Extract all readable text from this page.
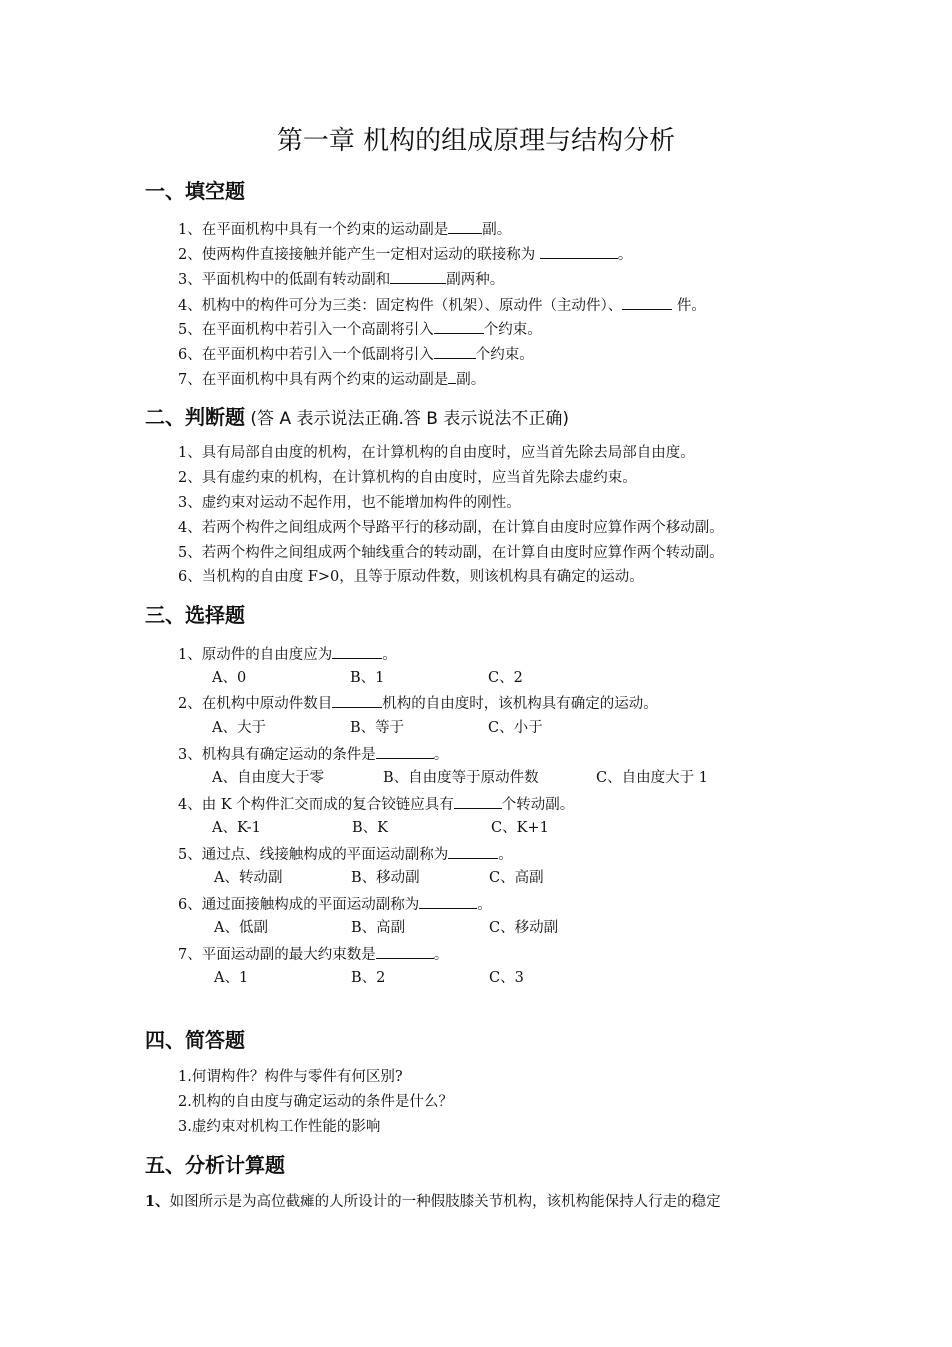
第一章 机构的组成原理与结构分析
一、填空题
1、在平面机构中具有一个约束的运动副是 副。
2、使两构件直接接触并能产生一定相对运动的联接称为	。
3、平面机构中的低副有转动副和	副两种。
4、机构中的构件可分为三类：固定构件（机架）、原动件（主动件）、	件。
5、在平面机构中若引入一个高副将引入	个约束。
6、在平面机构中若引入一个低副将引入	个约束。
7、在平面机构中具有两个约束的运动副是 副。
二、判断题 (答 A 表示说法正确.答 B 表示说法不正确)
1、具有局部自由度的机构，在计算机构的自由度时，应当首先除去局部自由度。
2、具有虚约束的机构，在计算机构的自由度时，应当首先除去虚约束。
3、虚约束对运动不起作用，也不能增加构件的刚性。
4、若两个构件之间组成两个导路平行的移动副，在计算自由度时应算作两个移动副。
5、若两个构件之间组成两个轴线重合的转动副，在计算自由度时应算作两个转动副。
6、当机构的自由度 F>0，且等于原动件数，则该机构具有确定的运动。
三、选择题
1、原动件的自由度应为	。
A、0	B、1	C、2
2、在机构中原动件数目	机构的自由度时，该机构具有确定的运动。
A、大于	B、等于	C、小于
3、机构具有确定运动的条件是	。
A、自由度大于零	B、自由度等于原动件数	C、自由度大于 1
4、由 K 个构件汇交而成的复合铰链应具有	个转动副。
A、K-1	B、K	C、K+1
5、通过点、线接触构成的平面运动副称为	。
A、转动副	B、移动副	C、高副
6、通过面接触构成的平面运动副称为	。
A、低副	B、高副	C、移动副
7、平面运动副的最大约束数是	。
A、1	B、2	C、3
四、简答题
1.何谓构件？构件与零件有何区别?
2.机构的自由度与确定运动的条件是什么？
3.虚约束对机构工作性能的影响
五、分析计算题
1、如图所示是为高位截瘫的人所设计的一种假肢膝关节机构，该机构能保持人行走的稳定
